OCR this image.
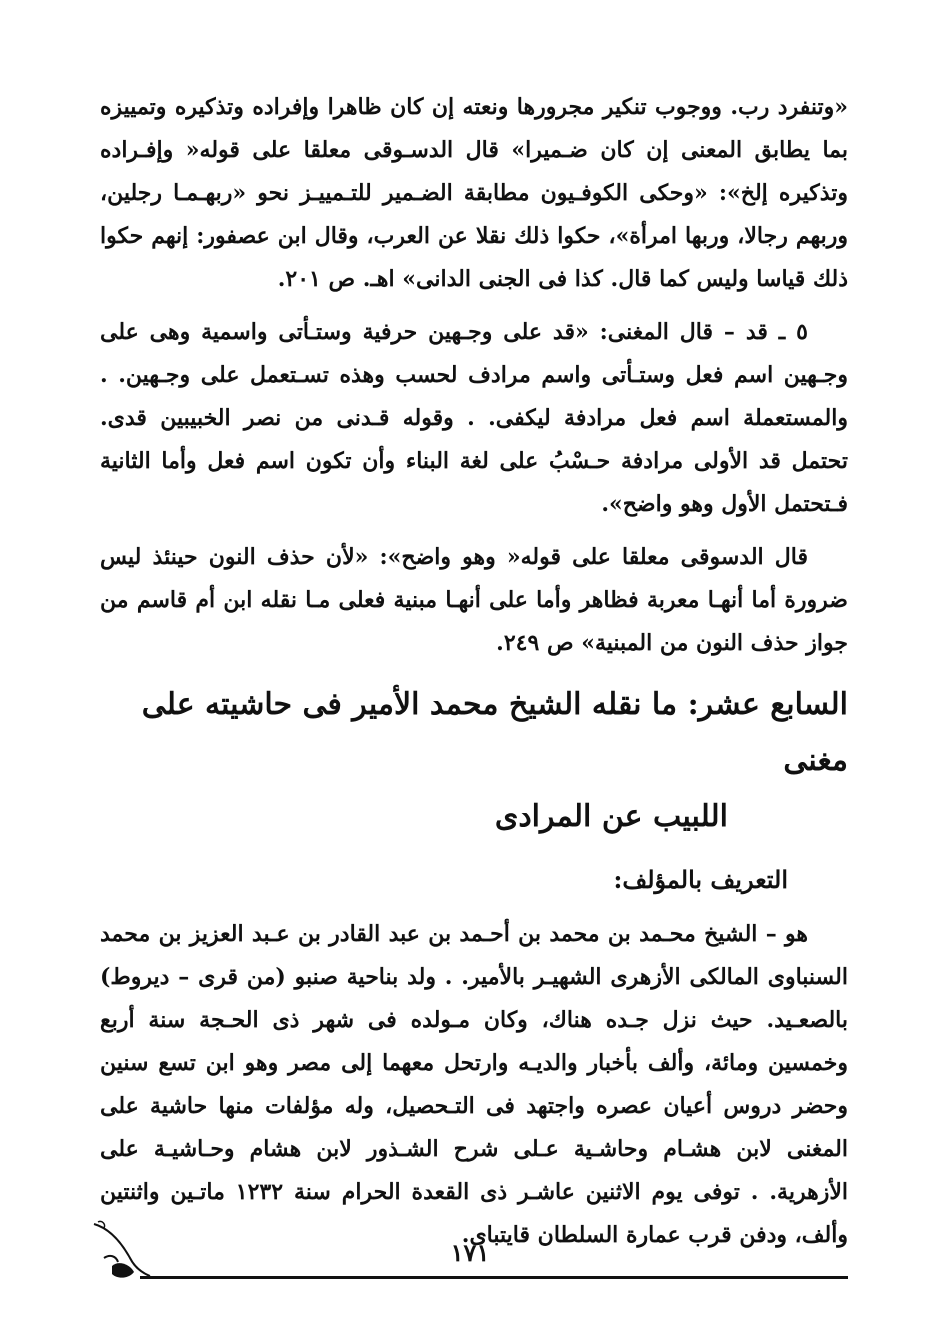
«وتنفرد رب. ووجوب تنكير مجرورها ونعته إن كان ظاهرا وإفراده وتذكيره وتمييزه بما يطابق المعنى إن كان ضـميرا» قال الدسـوقى معلقا على قوله« وإفـراده وتذكيره إلخ»: «وحكى الكوفـيون مطابقة الضـمير للتـمييـز نحو «ربهـمـا رجلين، وربهم رجالا، وربها امرأة»، حكوا ذلك نقلا عن العرب، وقال ابن عصفور: إنهم حكوا ذلك قياسا وليس كما قال. كذا فى الجنى الدانى» اهـ. ص ٢٠١.

٥ ـ قد – قال المغنى: «قد على وجـهين حرفية وستـأتى واسمية وهى على وجـهين اسم فعل وستـأتى واسم مرادف لحسب وهذه تسـتعمل على وجـهين. . والمستعملة اسم فعل مرادفة ليكفى. . وقوله قـدنى من نصر الخبيبين قدى. تحتمل قد الأولى مرادفة حـسْبُ على لغة البناء وأن تكون اسم فعل وأما الثانية فـتحتمل الأول وهو واضح».

قال الدسوقى معلقا على قوله« وهو واضح»: «لأن حذف النون حينئذ ليس ضرورة أما أنهـا معربة فظاهر وأما على أنهـا مبنية فعلى مـا نقله ابن أم قاسم من جواز حذف النون من المبنية» ص ٢٤٩.

السابع عشر: ما نقله الشيخ محمد الأمير فى حاشيته على مغنى
اللبيب عن المرادى
التعريف بالمؤلف:

هو – الشيخ محـمد بن محمد بن أحـمد بن عبد القادر بن عـبد العزيز بن محمد السنباوى المالكى الأزهرى الشهيـر بالأمير. . ولد بناحية صنبو (من قرى – ديروط) بالصعـيد. حيث نزل جـده هناك، وكان مـولده فى شهر ذى الحـجة سنة أربع وخمسين ومائة، وألف بأخبار والديـه وارتحل معهما إلى مصر وهو ابن تسع سنين وحضر دروس أعيان عصره واجتهد فى التـحصيل، وله مؤلفات منها حاشية على المغنى لابن هشـام وحاشـية عـلى شرح الشـذور لابن هشام وحـاشيـة على الأزهرية. . توفى يوم الاثنين عاشـر ذى القعدة الحرام سنة ١٢٣٢ ماتـين واثنتين وألف، ودفن قرب عمارة السلطان قايتباى.

١٧١
